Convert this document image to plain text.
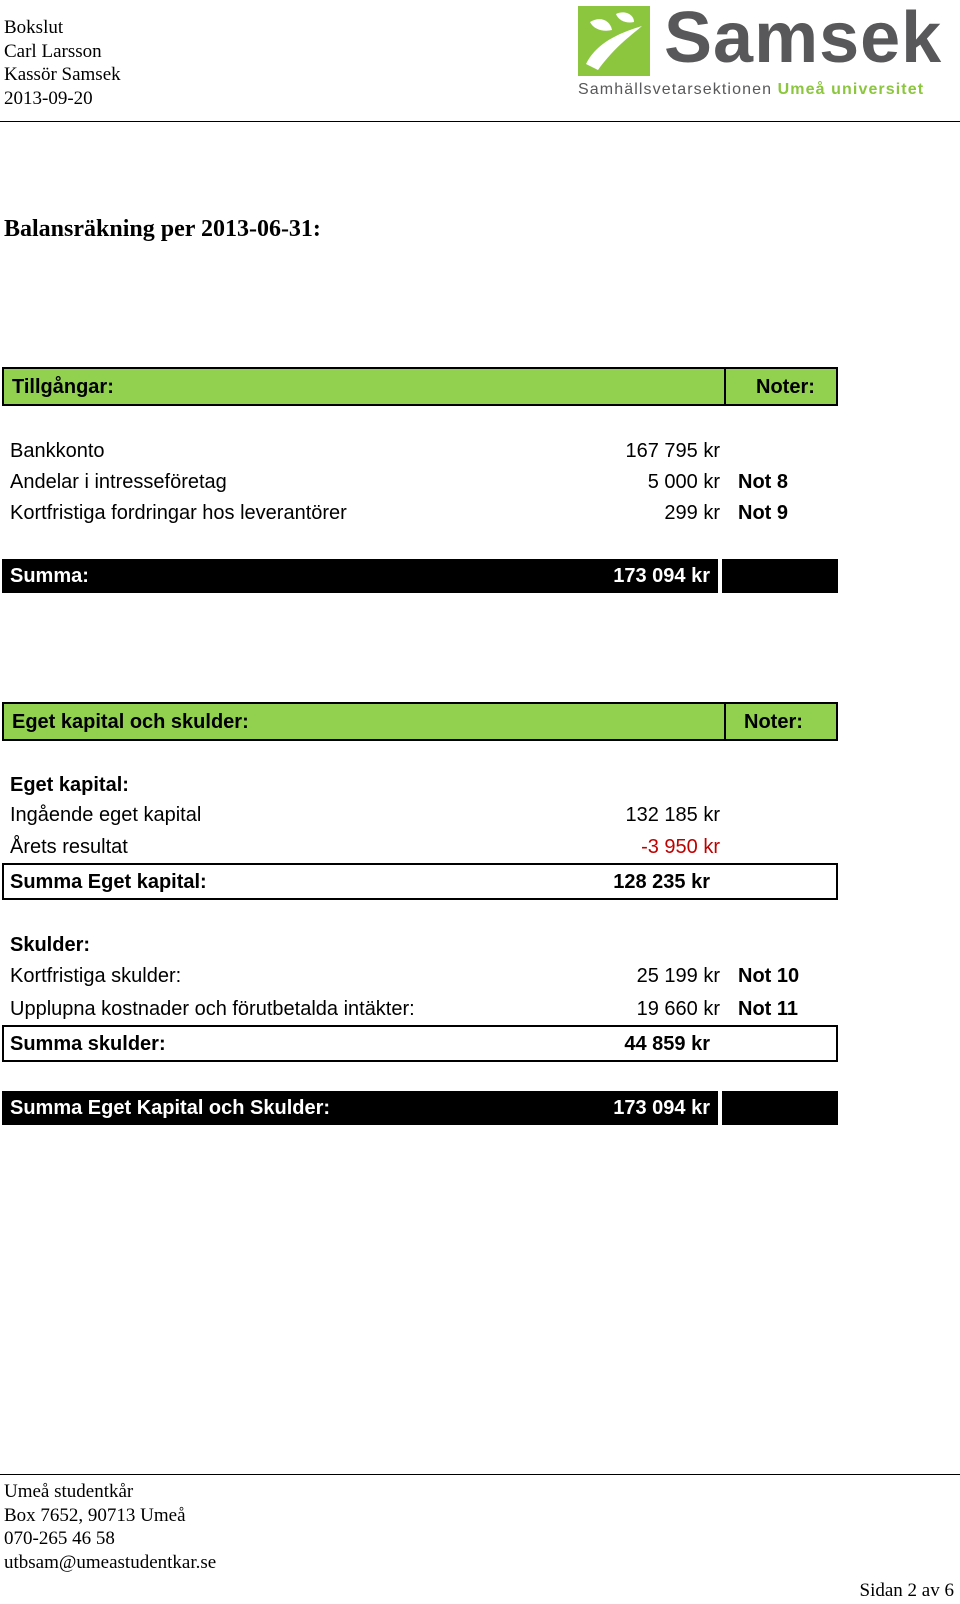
Bokslut
Carl Larsson
Kassör Samsek
2013-09-20
Samsek
Samhällsvetarsektionen Umeå universitet
Balansräkning per 2013-06-31:
Tillgångar:	Noter:
Bankkonto	167 795 kr
Andelar i intresseföretag	5 000 kr Not 8
Kortfristiga fordringar hos leverantörer	299 kr Not 9
Summa:	173 094 kr
Eget kapital och skulder:	Noter:
Eget kapital:
Ingående eget kapital	132 185 kr
Årets resultat	-3 950 kr
Summa Eget kapital:	128 235 kr
Skulder:
Kortfristiga skulder:	25 199 kr Not 10
Upplupna kostnader och förutbetalda intäkter:	19 660 kr Not 11
Summa skulder:	44 859 kr
Summa Eget Kapital och Skulder:	173 094 kr
Umeå studentkår
Box 7652, 90713 Umeå
070-265 46 58
utbsam@umeastudentkar.se
Sidan 2 av 6
